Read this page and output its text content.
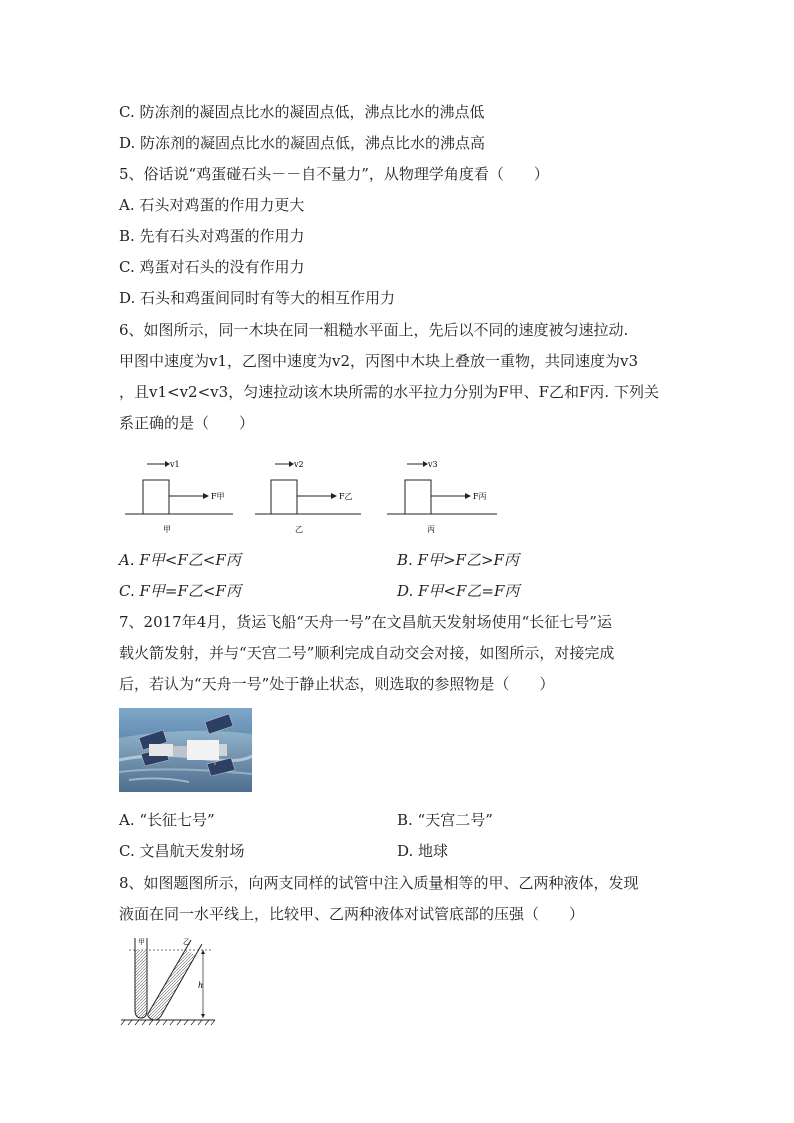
C. 防冻剂的凝固点比水的凝固点低，沸点比水的沸点低
D. 防冻剂的凝固点比水的凝固点低，沸点比水的沸点高
5、俗话说“鸡蛋碰石头－－自不量力”，从物理学角度看（　　）
A. 石头对鸡蛋的作用力更大
B. 先有石头对鸡蛋的作用力
C. 鸡蛋对石头的没有作用力
D. 石头和鸡蛋间同时有等大的相互作用力
6、如图所示，同一木块在同一粗糙水平面上，先后以不同的速度被匀速拉动.
甲图中速度为v1，乙图中速度为v2，丙图中木块上叠放一重物，共同速度为v3
，且v1<v2<v3，匀速拉动该木块所需的水平拉力分别为F甲、F乙和F丙. 下列关
系正确的是（　　）
v1
F甲
甲
v2
F乙
乙
v3
F丙
丙
A. F甲<F乙<F丙	B. F甲>F乙>F丙
C. F甲=F乙<F丙	D. F甲<F乙=F丙
7、2017年4月，货运飞船“天舟一号”在文昌航天发射场使用“长征七号”运
载火箭发射，并与“天宫二号”顺利完成自动交会对接，如图所示，对接完成
后，若认为“天舟一号”处于静止状态，则选取的参照物是（　　）
A. “长征七号”	B. “天宫二号”
C. 文昌航天发射场	D. 地球
8、如图题图所示，向两支同样的试管中注入质量相等的甲、乙两种液体，发现
液面在同一水平线上，比较甲、乙两种液体对试管底部的压强（　　）
甲	乙
h
